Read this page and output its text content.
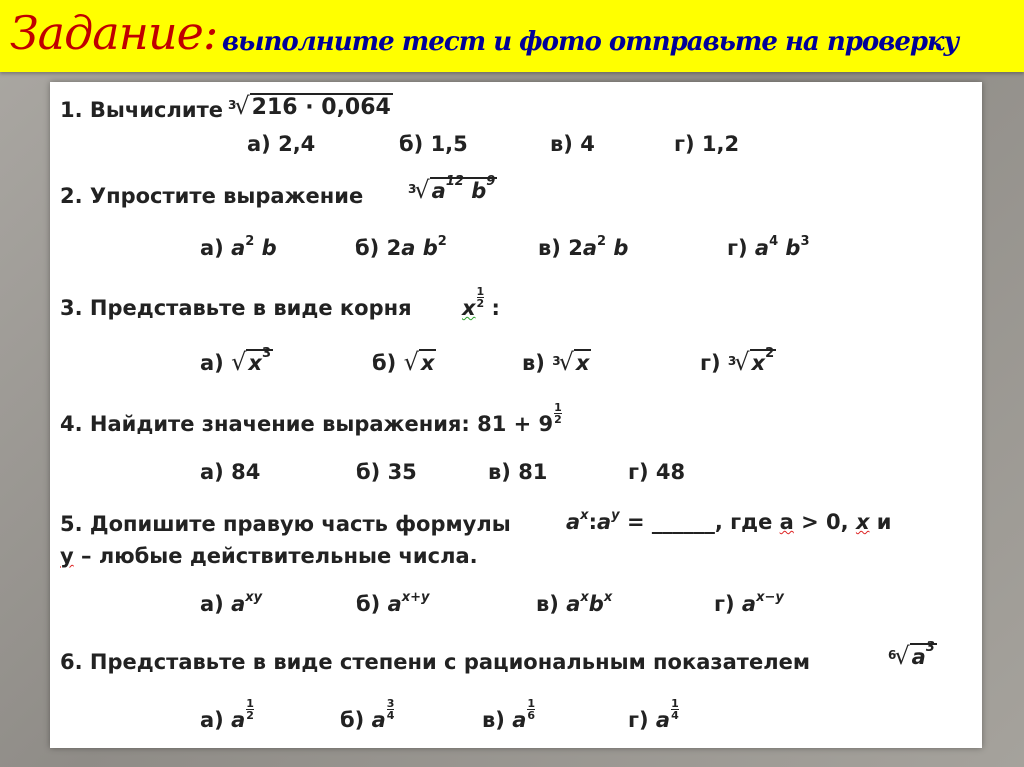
Задание: выполните тест и фото отправьте на проверку
1. Вычислите $^3$√216 · 0,064
а) 2,4	б) 1,5	в) 4	г) 1,2
2. Упростите выражение	$^3√a^{12}$ $b^9$
а) $a^2$ b	б) 2a $b^2$	в) $2a^2$ b	г) $a^4$ $b^3$
3. Представьте в виде корня x $\frac{1}{2}$ :
а) $√x^3$	б) √x	в) $^3$√x	г) $^3√x^2$
4. Найдите значение выражения: $81 + 9 \frac{1}{2}$
а) 84	б) 35	в) 81	г) 48
5. Допишите правую часть формулы	$a^x:a^y$ = ______, где a > 0, x и
y – любые действительные числа.
а) $a^{xy}$	б) $a^{x+y}$	в) $a^xb^x$	г) $a^{x-y}$
6. Представьте в виде степени с рациональным показателем	$^6√a^3$
а) a $\frac{1}{2}$	б) a $\frac{3}{4}$	в) a $\frac{1}{6}$	г) a $\frac{1}{4}$
